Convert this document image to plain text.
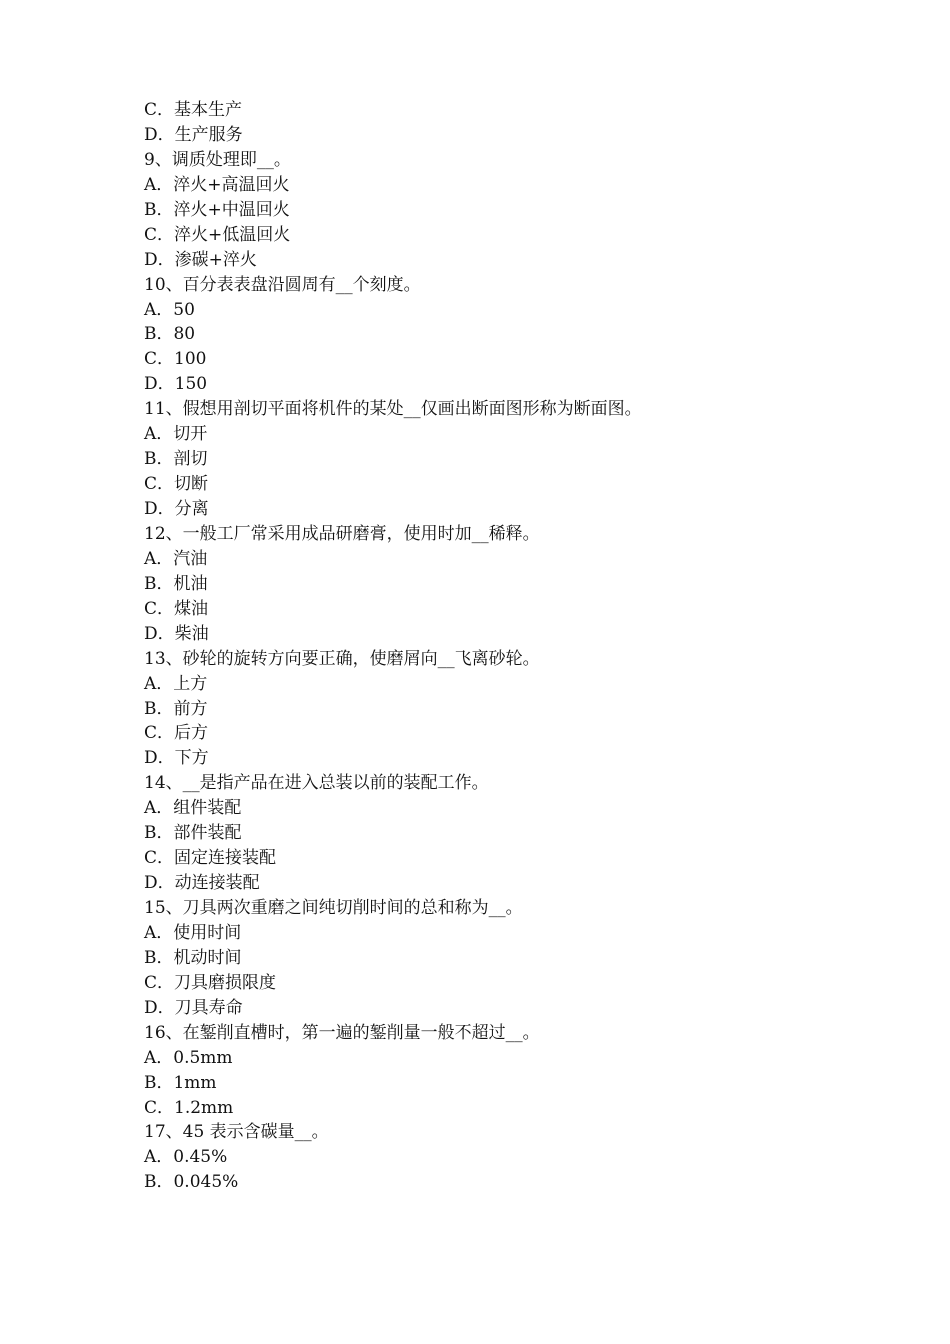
C．基本生产
D．生产服务
9、调质处理即__。
A．淬火+高温回火
B．淬火+中温回火
C．淬火+低温回火
D．渗碳+淬火
10、百分表表盘沿圆周有__个刻度。
A．50
B．80
C．100
D．150
11、假想用剖切平面将机件的某处__仅画出断面图形称为断面图。
A．切开
B．剖切
C．切断
D．分离
12、一般工厂常采用成品研磨膏，使用时加__稀释。
A．汽油
B．机油
C．煤油
D．柴油
13、砂轮的旋转方向要正确，使磨屑向__飞离砂轮。
A．上方
B．前方
C．后方
D．下方
14、__是指产品在进入总装以前的装配工作。
A．组件装配
B．部件装配
C．固定连接装配
D．动连接装配
15、刀具两次重磨之间纯切削时间的总和称为__。
A．使用时间
B．机动时间
C．刀具磨损限度
D．刀具寿命
16、在錾削直槽时，第一遍的錾削量一般不超过__。
A．0.5mm
B．1mm
C．1.2mm
17、45 表示含碳量__。
A．0.45%
B．0.045%
